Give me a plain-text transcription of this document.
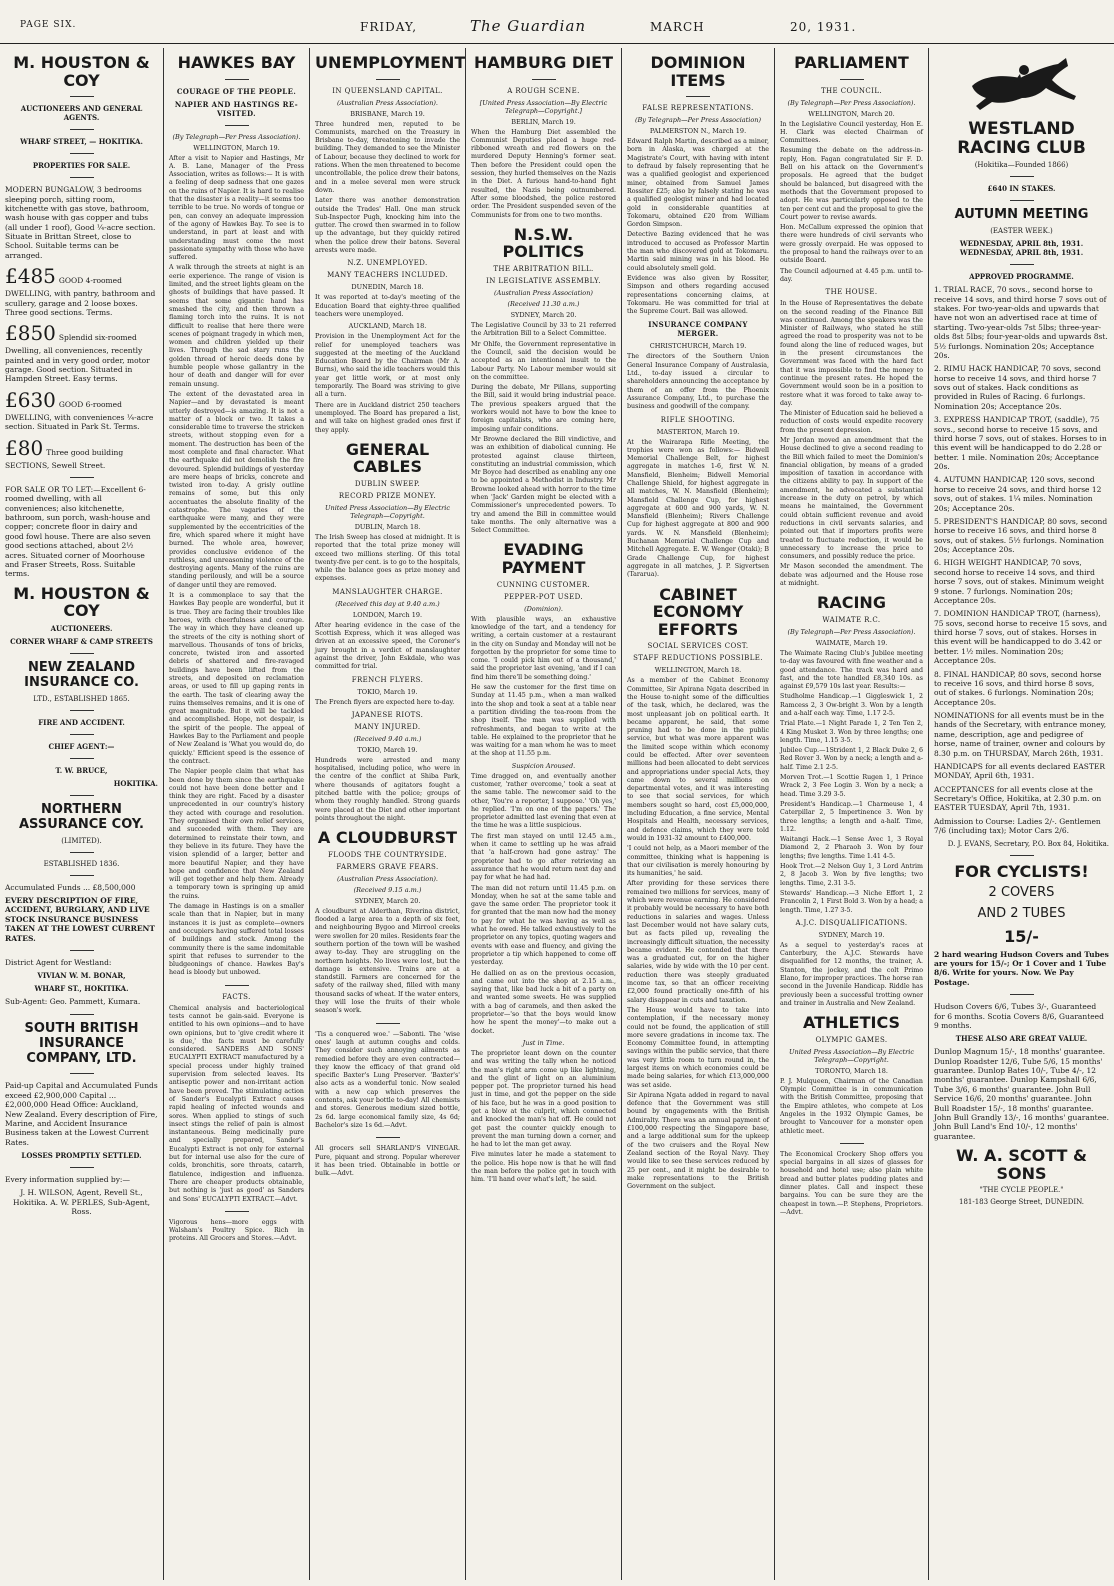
PAGE SIX.	FRIDAY,	The Guardian	MARCH	20, 1931.
M. HOUSTON & COY
AUCTIONEERS AND GENERAL AGENTS.
WHARF STREET, — HOKITIKA.
PROPERTIES FOR SALE.
MODERN BUNGALOW, 3 bedrooms sleeping porch, sitting room, kitchenette with gas stove, bathroom, wash house with gas copper and tubs (all under 1 roof), Good ¼-acre section. Situate in Brittan Street, close to School. Suitable terms can be arranged.
£485 GOOD 4-roomed DWELLING, with pantry, bathroom and scullery, garage and 2 loose boxes. Three good sections. Terms.
£850 Splendid six-roomed Dwelling, all conveniences, recently painted and in very good order, motor garage. Good section. Situated in Hampden Street. Easy terms.
£630 GOOD 6-roomed DWELLING, with conveniences ¼-acre section. Situated in Park St. Terms.
£80 Three good building SECTIONS, Sewell Street.
FOR SALE OR TO LET:—Excellent 6-roomed dwelling, with all conveniences; also kitchenette, bathroom, sun porch, wash-house and copper; concrete floor in dairy and good fowl house. There are also seven good sections attached, about 2½ acres. Situated corner of Moorhouse and Fraser Streets, Ross. Suitable terms.
M. HOUSTON & COY
AUCTIONEERS.
CORNER WHARF & CAMP STREETS
NEW ZEALAND INSURANCE CO.
LTD., ESTABLISHED 1865.
FIRE AND ACCIDENT.
CHIEF AGENT:—
T. W. BRUCE,
HOKITIKA.
NORTHERN ASSURANCE COY.
(LIMITED).
ESTABLISHED 1836.
Accumulated Funds ... £8,500,000
EVERY DESCRIPTION OF FIRE, ACCIDENT, BURGLARY, AND LIVE STOCK INSURANCE BUSINESS TAKEN AT THE LOWEST CURRENT RATES.
District Agent for Westland:
VIVIAN W. M. BONAR,
WHARF ST., HOKITIKA.
Sub-Agent: Geo. Pammett, Kumara.
SOUTH BRITISH INSURANCE COMPANY, LTD.
Paid-up Capital and Accumulated Funds exceed £2,900,000 Capital ... £2,000,000 Head Office: Auckland, New Zealand. Every description of Fire, Marine, and Accident Insurance Business taken at the Lowest Current Rates.
LOSSES PROMPTLY SETTLED.
Every information supplied by:—
J. H. WILSON, Agent, Revell St., Hokitika. A. W. PERLES, Sub-Agent, Ross.
HAWKES BAY
COURAGE OF THE PEOPLE.
NAPIER AND HASTINGS RE-VISITED.
(By Telegraph—Per Press Association).
WELLINGTON, March 19.
After a visit to Napier and Hastings, Mr A. B. Lane, Manager of the Press Association, writes as follows:— It is with a feeling of deep sadness that one gazes on the ruins of Napier. It is hard to realise that the disaster is a reality—it seems too terrible to be true. No words of tongue or pen, can convey an adequate impression of the agony of Hawkes Bay. To see is to understand, in part at least and with understanding must come the most passionate sympathy with those who have suffered.
A walk through the streets at night is an eerie experience. The range of vision is limited, and the street lights gleam on the ghosts of buildings that have passed. It seems that some gigantic hand has smashed the city, and then thrown a flaming torch into the ruins. It is not difficult to realise that here there were scenes of poignant tragedy in which men, women and children yielded up their lives. Through the sad stary runs the golden thread of heroic deeds done by humble people whose gallantry in the hour of death and danger will for ever remain unsung.
The extent of the devastated area in Napier—and by devastated is meant utterly destroyed—is amazing. It is not a matter of a block or two. It takes a considerable time to traverse the stricken streets, without stopping even for a moment. The destruction has been of the most complete and final character. What the earthquake did not demolish the fire devoured. Splendid buildings of yesterday are mere heaps of bricks, concrete and twisted iron to-day. A grisly outline remains of some, but this only accentuates the absolute finality of the catastrophe. The vagaries of the earthquake were many, and they were supplemented by the eccentricities of the fire, which spared where it might have burned. The whole area, however, provides conclusive evidence of the ruthless, and unreasoning violence of the destroying agents. Many of the ruins are standing perilously, and will be a source of danger until they are removed.
It is a commonplace to say that the Hawkes Bay people are wonderful, but it is true. They are facing their troubles like heroes, with cheerfulness and courage. The way in which they have cleaned up the streets of the city is nothing short of marvellous. Thousands of tons of bricks, concrete, twisted iron and assorted debris of shattered and fire-ravaged buildings have been lifted from the streets, and deposited on reclamation areas, or used to fill up gaping rents in the earth. The task of clearing away the ruins themselves remains, and it is one of great magnitude. But it will be tackled and accomplished. Hope, not despair, is the spirit of the people. The appeal of Hawkes Bay to the Parliament and people of New Zealand is 'What you would do, do quickly.' Efficient speed is the essence of the contract.
The Napier people claim that what has been done by them since the earthquake could not have been done better and I think they are right. Faced by a disaster unprecedented in our country's history they acted with courage and resolution. They organised their own relief services, and succeeded with them. They are determined to reinstate their town, and they believe in its future. They have the vision splendid of a larger, better and more beautiful Napier, and they have hope and confidence that New Zealand will get together and help them. Already a temporary town is springing up amid the ruins.
The damage in Hastings is on a smaller scale than that in Napier, but in many instances it is just as complete—owners and occupiers having suffered total losses of buildings and stock. Among the community there is the same indomitable spirit that refuses to surrender to the bludgeonings of chance. Hawkes Bay's head is bloody but unbowed.
FACTS.
Chemical analysis and bacteriological tests cannot be gain-said. Everyone is entitled to his own opinions—and to have own opinions, but to 'give credit where it is due,' the facts must be carefully considered. SANDERS AND SONS' EUCALYPTI EXTRACT manufactured by a special process under highly trained supervision from selected leaves. Its antiseptic power and non-irritant action have been proved. The stimulating action of Sander's Eucalypti Extract causes rapid healing of infected wounds and sores. When applied to stings of such insect stings the relief of pain is almost instantaneous. Being medicinally pure and specially prepared, Sander's Eucalypti Extract is not only for external but for internal use also for the cure of colds, bronchitis, sore throats, catarrh, flatulence, indigestion and influenza. There are cheaper products obtainable, but nothing is 'just as good' as Sanders and Sons' EUCALYPTI EXTRACT.—Advt.
Vigorous hens—more eggs with Walsham's Poultry Spice. Rich in proteins. All Grocers and Stores.—Advt.
UNEMPLOYMENT
IN QUEENSLAND CAPITAL.
(Australian Press Association).
BRISBANE, March 19.
Three hundred men, reputed to be Communists, marched on the Treasury in Brisbane to-day, threatening to invade the building. They demanded to see the Minister of Labour, because they declined to work for rations. When the men threatened to become uncontrollable, the police drew their batons, and in a melee several men were struck down.
Later there was another demonstration outside the Trades' Hall. One man struck Sub-Inspector Pugh, knocking him into the gutter. The crowd then swarmed in to follow up the advantage, but they quickly retired when the police drew their batons. Several arrests were made.
N.Z. UNEMPLOYED.
MANY TEACHERS INCLUDED.
DUNEDIN, March 18.
It was reported at to-day's meeting of the Education Board that eighty-three qualified teachers were unemployed.
AUCKLAND, March 18.
Provision in the Unemployment Act for the relief for unemployed teachers was suggested at the meeting of the Auckland Education Board by the Chairman (Mr A. Burns), who said the idle teachers would this year get little work, or at most only temporarily. The Board was striving to give all a turn.
There are in Auckland district 250 teachers unemployed. The Board has prepared a list, and will take on highest graded ones first if they apply.
GENERAL CABLES
DUBLIN SWEEP.
RECORD PRIZE MONEY.
United Press Association—By Electric Telegraph—Copyright.
DUBLIN, March 18.
The Irish Sweep has closed at midnight. It is reported that the total prize money will exceed two millions sterling. Of this total twenty-five per cent. is to go to the hospitals, while the balance goes as prize money and expenses.
MANSLAUGHTER CHARGE.
(Received this day at 9.40 a.m.)
LONDON, March 19.
After hearing evidence in the case of the Scottish Express, which it was alleged was driven at an excessive speed, the Coroner's jury brought in a verdict of manslaughter against the driver, John Eskdale, who was committed for trial.
FRENCH FLYERS.
TOKIO, March 19.
The French flyers are expected here to-day.
JAPANESE RIOTS.
MANY INJURED.
(Received 9.40 a.m.)
TOKIO, March 19.
Hundreds were arrested and many hospitalised, including police, who were in the centre of the conflict at Shiba Park, where thousands of agitators fought a pitched battle with the police; groups of whom they roughly handled. Strong guards were placed at the Diet and other important points throughout the night.
A CLOUDBURST
FLOODS THE COUNTRYSIDE.
FARMERS GRAVE FEARS.
(Australian Press Association).
(Received 9.15 a.m.)
SYDNEY, March 20.
A cloudburst at Alderthan, Riverina district, flooded a large area to a depth of six feet, and neighbouring Bygoo and Mirrool creeks were swollen for 20 miles. Residents fear the southern portion of the town will be washed away to-day. They are struggling on the northern heights. No lives were lost, but the damage is extensive. Trains are at a standstill. Farmers are concerned for the safety of the railway shed, filled with many thousand sacks of wheat. If the water enters, they will lose the fruits of their whole season's work.
'Tis a conquered woe.' —Sabonti. The 'wise ones' laugh at autumn coughs and colds. They consider such annoying ailments as remedied before they are even contracted—they know the efficacy of that grand old specific Baxter's Lung Preserver. 'Baxter's' also acts as a wonderful tonic. Now sealed with a new cap which preserves the contents, ask your bottle to-day! All chemists and stores. Generous medium sized bottle, 2s 6d. large economical family size, 4s 6d; Bachelor's size 1s 6d.—Advt.
All grocers sell SHARLAND'S VINEGAR. Pure, piquant and strong. Popular wherever it has been tried. Obtainable in bottle or bulk.—Advt.
HAMBURG DIET
A ROUGH SCENE.
[United Press Association—By Electric Telegraph—Copyright.]
BERLIN, March 19.
When the Hamburg Diet assembled the Communist Deputies placed a huge red-ribboned wreath and red flowers on the murdered Deputy Henning's former seat. Then before the President could open the session, they hurled themselves on the Nazis in the Diet. A furious hand-to-hand fight resulted, the Nazis being outnumbered. After some bloodshed, the police restored order. The President suspended seven of the Communists for from one to two months.
N.S.W. POLITICS
THE ARBITRATION BILL.
IN LEGISLATIVE ASSEMBLY.
(Australian Press Association)
(Received 11.30 a.m.)
SYDNEY, March 20.
The Legislative Council by 33 to 21 referred the Arbitration Bill to a Select Committee.
Mr Ohlfe, the Government representative in the Council, said the decision would be accepted as an intentional insult to the Labour Party. No Labour member would sit on the committee.
During the debate, Mr Pillans, supporting the Bill, said it would bring industrial peace. The previous speakers argued that the workers would not have to bow the knee to foreign capitalists, who are coming here, imposing unfair conditions.
Mr Browne declared the Bill vindictive, and was an exhibition of diabolical cunning. He protested against clause thirteen, constituting an industrial commission, which Mr Boyce had described as enabling any one to be appointed a Methodist in Industry. Mr Browne looked ahead with horror to the time when 'Jack' Garden might be elected with a Commissioner's unprecedented powers. To try and amend the Bill in committee would take months. The only alternative was a Select Committee.
EVADING PAYMENT
CUNNING CUSTOMER.
PEPPER-POT USED.
(Dominion).
With plausible ways, an exhaustive knowledge of the tart, and a tendency for writing, a certain customer at a restaurant in the city on Sunday and Monday will not be forgotten by the proprietor for some time to come. 'I could pick him out of a thousand,' said the proprietor last evening, 'and if I can find him there'll be something doing.'
He saw the customer for the first time on Sunday at 11.45 p.m., when a man walked into the shop and took a seat at a table near a partition dividing the tea-room from the shop itself. The man was supplied with refreshments, and began to write at the table. He explained to the proprietor that he was waiting for a man whom he was to meet at the shop at 11.55 p.m.
Suspicion Aroused.
Time dragged on, and eventually another customer, 'rather overcome,' took a seat at the same table. The newcomer said to the other, 'You're a reporter, I suppose.' 'Oh yes,' he replied. 'I'm on one of the papers.' The proprietor admitted last evening that even at the time he was a little suspicious.
The first man stayed on until 12.45 a.m., when it came to settling up he was afraid that 'a half-crown had gone astray.' The proprietor had to go after retrieving an assurance that he would return next day and pay for what he had had.
The man did not return until 11.45 p.m. on Monday, when he sat at the same table and gave the same order. The proprietor took it for granted that the man now had the money to pay for what he was having as well as what he owed. He talked exhaustively to the proprietor on any topics, quoting wagers and events with ease and fluency, and giving the proprietor a tip which happened to come off yesterday.
He dallied on as on the previous occasion, and came out into the shop at 2.15 a.m., saying that, like bad luck a bit of a party on and wanted some sweets. He was supplied with a bag of caramels, and then asked the proprietor—'so that the boys would know how he spent the money'—to make out a docket.
Just in Time.
The proprietor leant down on the counter and was writing the tally when he noticed the man's right arm come up like lightning, and the glint of light on an aluminium pepper pot. The proprietor turned his head just in time, and got the pepper on the side of his face, but he was in a good position to get a blow at the culprit, which connected and knocked the man's hat off. He could not get past the counter quickly enough to prevent the man turning down a corner, and he had to let the man get away.
Five minutes later he made a statement to the police. His hope now is that he will find the man before the police get in touch with him. 'I'll hand over what's left,' he said.
DOMINION ITEMS
FALSE REPRESENTATIONS.
(By Telegraph—Per Press Association)
PALMERSTON N., March 19.
Edward Ralph Martin, described as a miner, born in Alaska, was charged at the Magistrate's Court, with having with intent to defraud by falsely representing that he was a qualified geologist and experienced miner, obtained from Samuel James Rossiter £25; also by falsely stating he was a qualified geologist miner and had located gold in considerable quantities at Tokomaru, obtained £20 from William Gordon Simpson.
Detective Bazing evidenced that he was introduced to accused as Professor Martin the man who discovered gold at Tokomaru. Martin said mining was in his blood. He could absolutely smell gold.
Evidence was also given by Rossiter, Simpson and others regarding accused representations concerning claims, at Tokomaru. He was committed for trial at the Supreme Court. Bail was allowed.
INSURANCE COMPANY MERGER.
CHRISTCHURCH, March 19.
The directors of the Southern Union General Insurance Company of Australasia, Ltd., to-day issued a circular to shareholders announcing the acceptance by them of an offer from the Phoenix Assurance Company, Ltd., to purchase the business and goodwill of the company.
RIFLE SHOOTING.
MASTERTON, March 19.
At the Wairarapa Rifle Meeting, the trophies were won as follows:— Bidwell Memorial Challenge Belt, for highest aggregate in matches 1-6, first W. N. Mansfield, Blenheim; Bidwell Memorial Challenge Shield, for highest aggregate in all matches, W. N. Mansfield (Blenheim); Mansfield Challenge Cup, for highest aggregate at 600 and 900 yards, W. N. Mansfield (Blenheim); Rivers Challenge Cup for highest aggregate at 800 and 900 yards. W. N. Mansfield (Blenheim); Buchanan Memorial Challenge Cup and Mitchell Aggregate. E. W. Wenger (Otaki); B Grade Challenge Cup, for highest aggregate in all matches, J. P. Sigvertsen (Tararua).
CABINET ECONOMY EFFORTS
SOCIAL SERVICES COST.
STAFF REDUCTIONS POSSIBLE.
WELLINGTON, March 18.
As a member of the Cabinet Economy Committee, Sir Apirana Ngata described in the House to-night some of the difficulties of the task, which, he declared, was the most unpleasant job on political earth. It became apparent, he said, that some pruning had to be done in the public service, but what was more apparent was the limited scope within which economy could be effected. After over seventeen millions had been allocated to debt services and appropriations under special Acts, they came down to several millions on departmental votes, and it was interesting to see that social services, for which members sought so hard, cost £5,000,000, including Education, a fine service, Mental Hospitals and Health, necessary services, and defence claims, which they were told would in 1931-32 amount to £400,000.
'I could not help, as a Maori member of the committee, thinking what is happening is that our civilisation is merely honouring by its humanities,' he said.
After providing for these services there remained two millions for services, many of which were revenue earning. He considered it probably would be necessary to have both reductions in salaries and wages. Unless last December would not have salary cuts, but as facts piled up, revealing the increasingly difficult situation, the necessity became evident. He contended that there was a graduated cut, for on the higher salaries, wide by wide with the 10 per cent. reduction there was steeply graduated income tax, so that an officer receiving £2,000 found practically one-fifth of his salary disappear in cuts and taxation.
The House would have to take into contemplation, if the necessary money could not be found, the application of still more severe gradations in income tax. The Economy Committee found, in attempting savings within the public service, that there was very little room to turn round in, the largest items on which economies could be made being salaries, for which £13,000,000 was set aside.
Sir Apirana Ngata added in regard to naval defence that the Government was still bound by engagements with the British Admiralty. There was an annual payment of £100,000 respecting the Singapore base, and a large additional sum for the upkeep of the two cruisers and the Royal New Zealand section of the Royal Navy. They would like to see these services reduced by 25 per cent., and it might be desirable to make representations to the British Government on the subject.
PARLIAMENT
THE COUNCIL.
(By Telegraph—Per Press Association).
WELLINGTON, March 20.
In the Legislative Council yesterday, Hon E. H. Clark was elected Chairman of Committees.
Resuming the debate on the address-in-reply, Hon. Fagan congratulated Sir F. D. Bell on his attack on the Government's proposals. He agreed that the budget should be balanced, but disagreed with the methods that the Government proposed to adopt. He was particularly opposed to the ten per cent cut and the proposal to give the Court power to revise awards.
Hon. McCallum expressed the opinion that there were hundreds of civil servants who were grossly overpaid. He was opposed to the proposal to hand the railways over to an outside Board.
The Council adjourned at 4.45 p.m. until to-day.
THE HOUSE.
In the House of Representatives the debate on the second reading of the Finance Bill was continued. Among the speakers was the Minister of Railways, who stated he still agreed the road to prosperity was not to be found along the line of reduced wages, but in the present circumstances the Government was faced with the hard fact that it was impossible to find the money to continue the present rates. He hoped the Government would soon be in a position to restore what it was forced to take away to-day.
The Minister of Education said he believed a reduction of costs would expedite recovery from the present depression.
Mr Jordan moved an amendment that the House declined to give a second reading to the Bill which failed to meet the Dominion's financial obligation, by means of a graded imposition of taxation in accordance with the citizens ability to pay. In support of the amendment, he advocated a substantial increase in the duty on petrol, by which means he maintained, the Government could obtain sufficient revenue and avoid reductions in civil servants salaries, and pointed out that if importers profits were treated to fluctuate reduction, it would be unnecessary to increase the price to consumers, and possibly reduce the price.
Mr Mason seconded the amendment. The debate was adjourned and the House rose at midnight.
RACING
WAIMATE R.C.
(By Telegraph—Per Press Association).
WAIMATE, March 19.
The Waimate Racing Club's Jubilee meeting to-day was favoured with fine weather and a good attendance. The track was hard and fast, and the tote handled £8,340 10s. as against £9,579 10s last year. Results:—
Studholme Handicap.—1 Giggleswick 1, 2 Ramcess 2, 3 Ow-bright 3. Won by a length and a-half each way. Time, 1.17 2-5.
Trial Plate.—1 Night Parade 1, 2 Ten Ten 2, 4 King Musket 3. Won by three lengths; one length. Time, 1.15 3-5.
Jubilee Cup.—1Strident 1, 2 Black Duke 2, 6 Red Rover 3. Won by a neck; a length and a-half. Time 2.1 2-5.
Morven Trot.—1 Scottie Rugen 1, 1 Prince Wrack 2, 3 Fee Login 3. Won by a neck; a head. Time 3.29 3-5.
President's Handicap.—1 Charmeuse 1, 4 Caterpillar 2, 5 Impertinence 3. Won by three lengths; a length and a-half. Time, 1.12.
Waitangi Hack.—1 Sense Avec 1, 3 Royal Diamond 2, 2 Pharaoh 3. Won by four lengths; five lengths. Time 1.41 4-5.
Hook Trot.—2 Nelson Guy 1, 3 Lord Antrim 2, 8 Jacob 3. Won by five lengths; two lengths. Time, 2.31 3-5.
Stewards' Handicap.—3 Niche Effort 1, 2 Francolin 2, 1 First Bold 3. Won by a head; a length. Time, 1.27 3-5.
A.J.C. DISQUALIFICATIONS.
SYDNEY, March 19.
As a sequel to yesterday's races at Canterbury, the A.J.C. Stewards have disqualified for 12 months, the trainer, A. Stanton, the jockey, and the colt Primo Elano, for improper practices. The horse ran second in the Juvenile Handicap. Riddle has previously been a successful trotting owner and trainer in Australia and New Zealand.
ATHLETICS
OLYMPIC GAMES.
United Press Association—By Electric Telegraph—Copyright.
TORONTO, March 18.
P. J. Mulqueen, Chairman of the Canadian Olympic Committee is in communication with the British Committee, proposing that the Empire athletes, who compete at Los Angeles in the 1932 Olympic Games, be brought to Vancouver for a monster open athletic meet.
The Economical Crockery Shop offers you special bargains in all sizes of glasses for household and hotel use; also plain white bread and butter plates pudding plates and dinner plates. Call and inspect these bargains. You can be sure they are the cheapest in town.—P. Stephens, Proprietors.—Advt.
WESTLAND RACING CLUB
(Hokitika—Founded 1866)
£640 IN STAKES.
AUTUMN MEETING
(EASTER WEEK.)
WEDNESDAY, APRIL 8th, 1931. WEDNESDAY, APRIL 8th, 1931.
APPROVED PROGRAMME.
1. TRIAL RACE, 70 sovs., second horse to receive 14 sovs, and third horse 7 sovs out of stakes. For two-year-olds and upwards that have not won an advertised race at time of starting. Two-year-olds 7st 5lbs; three-year-olds 8st 5lbs; four-year-olds and upwards 8st. 5½ furlongs. Nomination 20s; Acceptance 20s.
2. RIMU HACK HANDICAP, 70 sovs, second horse to receive 14 sovs, and third horse 7 sovs out of stakes. Hack conditions as provided in Rules of Racing. 6 furlongs. Nomination 20s; Acceptance 20s.
3. EXPRESS HANDICAP TROT, (saddle), 75 sovs., second horse to receive 15 sovs, and third horse 7 sovs, out of stakes. Horses to in this event will be handicapped to do 2.28 or better. 1 mile. Nomination 20s; Acceptance 20s.
4. AUTUMN HANDICAP, 120 sovs, second horse to receive 24 sovs, and third horse 12 sovs, out of stakes. 1¼ miles. Nomination 20s; Acceptance 20s.
5. PRESIDENT'S HANDICAP, 80 sovs, second horse to receive 16 sovs, and third horse 8 sovs, out of stakes. 5½ furlongs. Nomination 20s; Acceptance 20s.
6. HIGH WEIGHT HANDICAP, 70 sovs, second horse to receive 14 sovs, and third horse 7 sovs, out of stakes. Minimum weight 9 stone. 7 furlongs. Nomination 20s; Acceptance 20s.
7. DOMINION HANDICAP TROT, (harness), 75 sovs, second horse to receive 15 sovs, and third horse 7 sovs, out of stakes. Horses in this event will be handicapped to do 3.42 or better. 1½ miles. Nomination 20s; Acceptance 20s.
8. FINAL HANDICAP, 80 sovs, second horse to receive 16 sovs, and third horse 8 sovs, out of stakes. 6 furlongs. Nomination 20s; Acceptance 20s.
NOMINATIONS for all events must be in the hands of the Secretary, with entrance money, name, description, age and pedigree of horse, name of trainer, owner and colours by 8.30 p.m. on THURSDAY, March 26th, 1931.
HANDICAPS for all events declared EASTER MONDAY, April 6th, 1931.
ACCEPTANCES for all events close at the Secretary's Office, Hokitika, at 2.30 p.m. on EASTER TUESDAY, April 7th, 1931.
Admission to Course: Ladies 2/-. Gentlemen 7/6 (including tax); Motor Cars 2/6.
D. J. EVANS, Secretary, P.O. Box 84, Hokitika.
FOR CYCLISTS!
2 COVERS
AND 2 TUBES
15/-
2 hard wearing Hudson Covers and Tubes are yours for 15/-; Or 1 Cover and 1 Tube 8/6. Write for yours. Now. We Pay Postage.
Hudson Covers 6/6, Tubes 3/-, Guaranteed for 6 months. Scotia Covers 8/6, Guaranteed 9 months.
THESE ALSO ARE GREAT VALUE.
Dunlop Magnum 15/-, 18 months' guarantee. Dunlop Roadster 12/6, Tube 5/6, 15 months' guarantee. Dunlop Bates 10/-, Tube 4/-, 12 months' guarantee. Dunlop Kampshall 6/6, Tube 3/6, 6 months' guarantee. John Bull Service 16/6, 20 months' guarantee. John Bull Roadster 15/-, 18 months' guarantee. John Bull Grandly 13/-, 16 months' guarantee. John Bull Land's End 10/-, 12 months' guarantee.
W. A. SCOTT & SONS
"THE CYCLE PEOPLE."
181-183 George Street, DUNEDIN.
